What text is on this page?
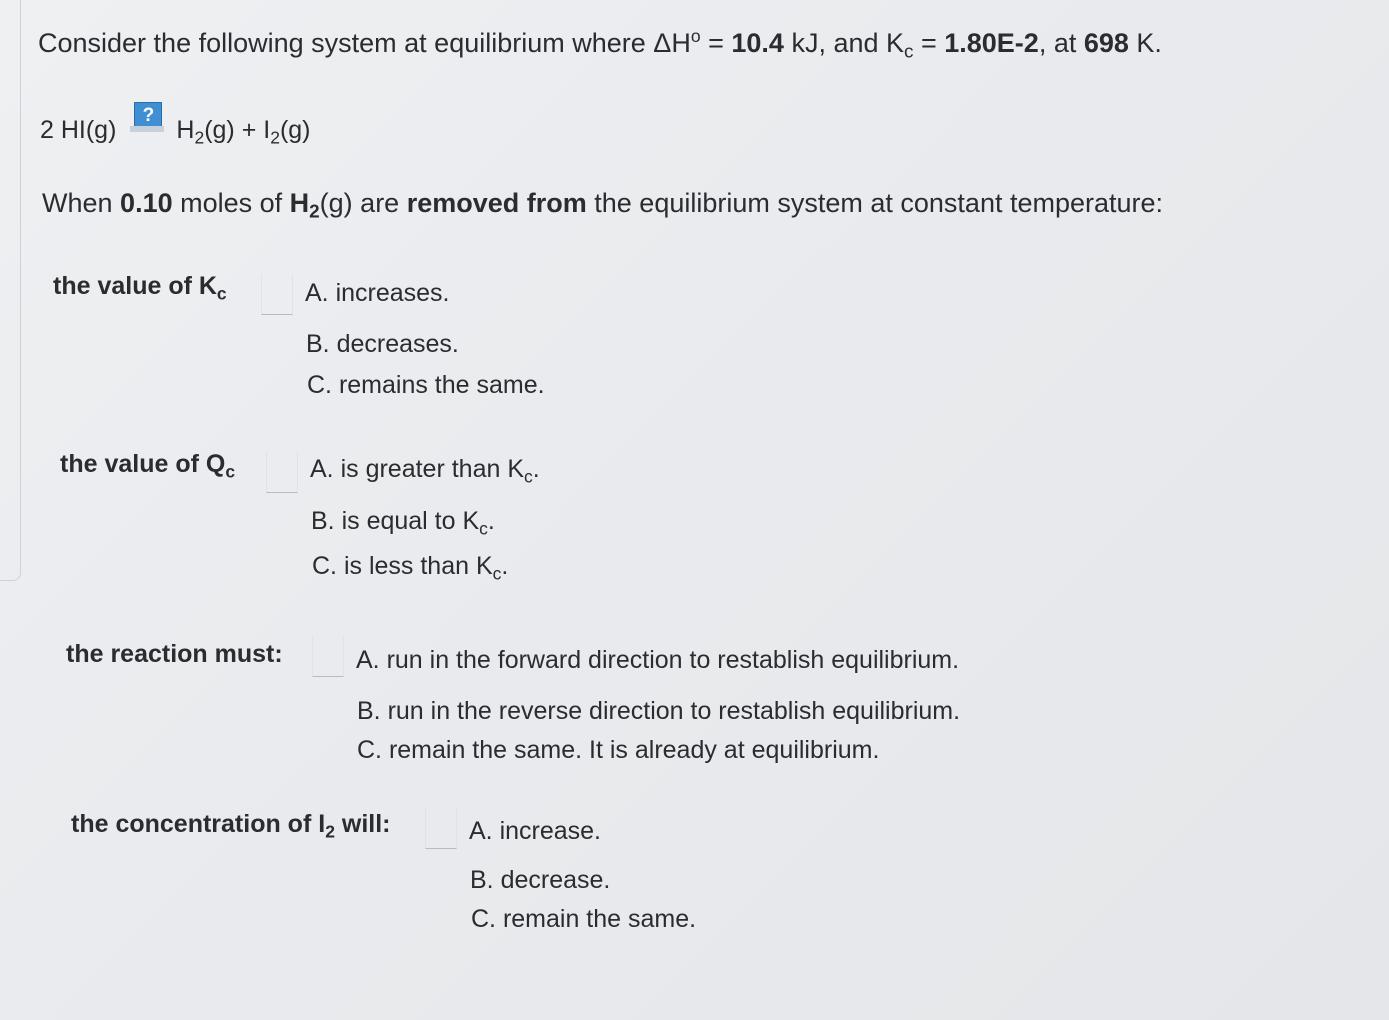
Consider the following system at equilibrium where $\Delta H^o = 10.4$ kJ, and $K_c = 1.80E-2$, at 698 K.
2 HI(g)	? $H_2(g) + I_2(g)$
When 0.10 moles of $H_2(g)$ are removed from the equilibrium system at constant temperature:
the value of $K_c$	A. increases.
B. decreases.
C. remains the same.
the value of $Q_c$	A. is greater than $K_c$.
B. is equal to $K_c$.
C. is less than $K_c$.
the reaction must:	A. run in the forward direction to restablish equilibrium.
B. run in the reverse direction to restablish equilibrium.
C. remain the same. It is already at equilibrium.
the concentration of $I_2$ will:	A. increase.
B. decrease.
C. remain the same.
